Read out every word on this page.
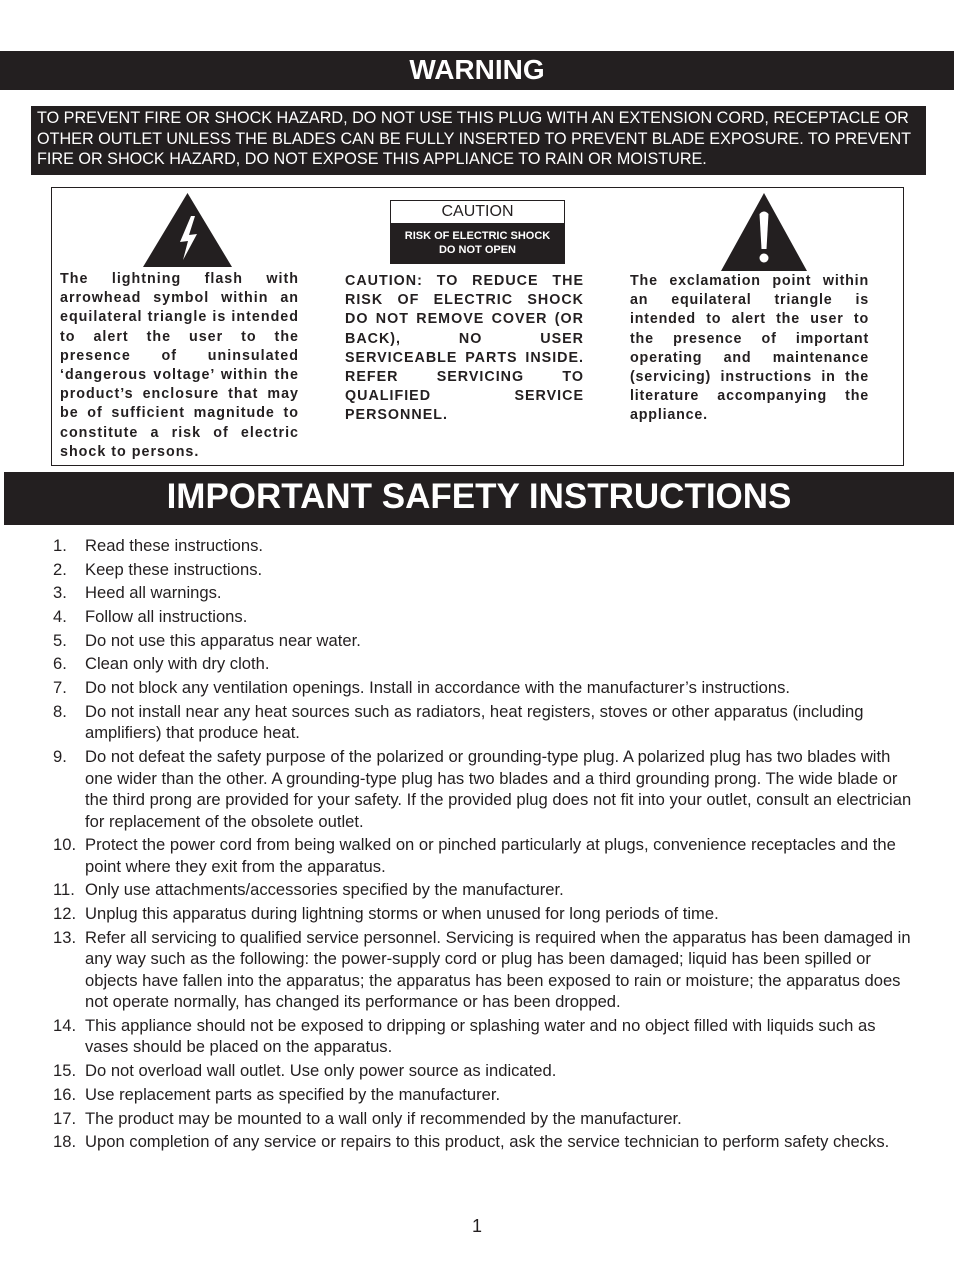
WARNING
TO PREVENT FIRE OR SHOCK HAZARD, DO NOT USE THIS PLUG WITH AN EXTENSION CORD, RECEPTACLE OR OTHER OUTLET UNLESS THE BLADES CAN BE FULLY INSERTED TO PREVENT BLADE EXPOSURE. TO PREVENT FIRE OR SHOCK HAZARD, DO NOT EXPOSE THIS APPLIANCE TO RAIN OR MOISTURE.
The lightning flash with arrowhead symbol within an equilateral triangle is intended to alert the user to the presence of uninsulated ‘dangerous voltage’ within the product’s enclosure that may be of sufficient magnitude to constitute a risk of electric shock to persons.
CAUTION
RISK OF ELECTRIC SHOCK
DO NOT OPEN
CAUTION: TO REDUCE THE RISK OF ELECTRIC SHOCK DO NOT REMOVE COVER (OR BACK), NO USER SERVICEABLE PARTS INSIDE. REFER SERVICING TO QUALIFIED SERVICE PERSONNEL.
The exclamation point within an equilateral triangle is intended to alert the user to the presence of important operating and maintenance (servicing) instructions in the literature accompanying the appliance.
IMPORTANT SAFETY INSTRUCTIONS
1. Read these instructions.
2. Keep these instructions.
3. Heed all warnings.
4. Follow all instructions.
5. Do not use this apparatus near water.
6. Clean only with dry cloth.
7. Do not block any ventilation openings. Install in accordance with the manufacturer’s instructions.
8. Do not install near any heat sources such as radiators, heat registers, stoves or other apparatus (including amplifiers) that produce heat.
9. Do not defeat the safety purpose of the polarized or grounding-type plug. A polarized plug has two blades with one wider than the other. A grounding-type plug has two blades and a third grounding prong. The wide blade or the third prong are provided for your safety. If the provided plug does not fit into your outlet, consult an electrician for replacement of the obsolete outlet.
10. Protect the power cord from being walked on or pinched particularly at plugs, convenience receptacles and the point where they exit from the apparatus.
11. Only use attachments/accessories specified by the manufacturer.
12. Unplug this apparatus during lightning storms or when unused for long periods of time.
13. Refer all servicing to qualified service personnel. Servicing is required when the apparatus has been damaged in any way such as the following: the power-supply cord or plug has been damaged; liquid has been spilled or objects have fallen into the apparatus; the apparatus has been exposed to rain or moisture; the apparatus does not operate normally, has changed its performance or has been dropped.
14. This appliance should not be exposed to dripping or splashing water and no object filled with liquids such as vases should be placed on the apparatus.
15. Do not overload wall outlet. Use only power source as indicated.
16. Use replacement parts as specified by the manufacturer.
17. The product may be mounted to a wall only if recommended by the manufacturer.
18. Upon completion of any service or repairs to this product, ask the service technician to perform safety checks.
1
